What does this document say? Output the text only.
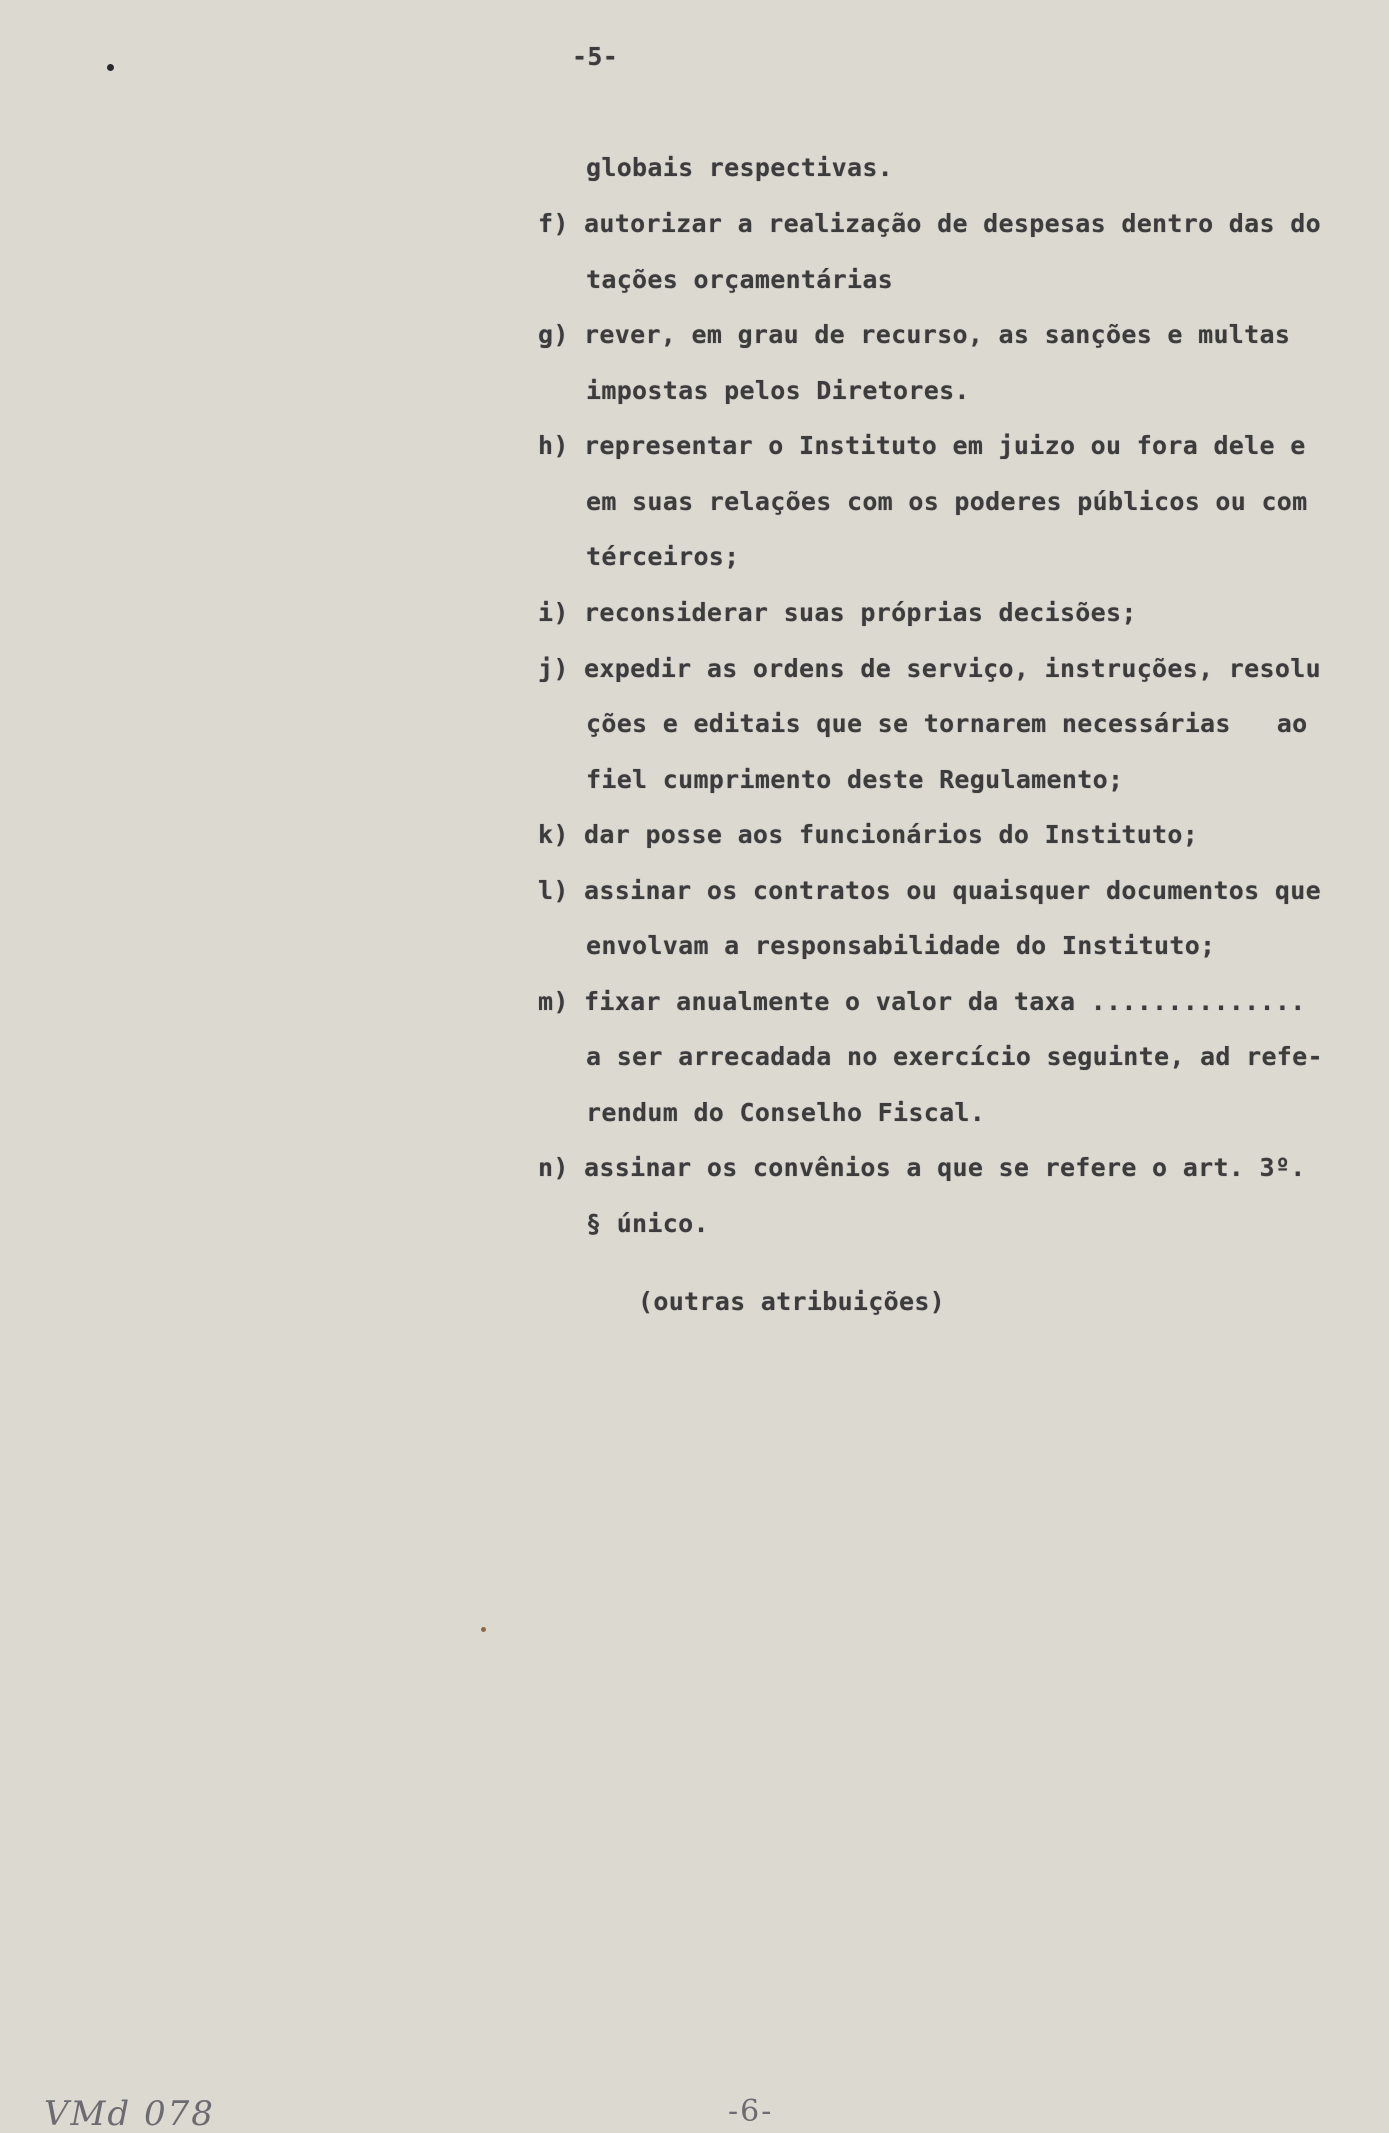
-5-
globais respectivas.
f) autorizar a realização de despesas dentro das do
tações orçamentárias
g) rever, em grau de recurso, as sanções e multas
impostas pelos Diretores.
h) representar o Instituto em juizo ou fora dele e
em suas relações com os poderes públicos ou com
térceiros;
i) reconsiderar suas próprias decisões;
j) expedir as ordens de serviço, instruções, resolu
ções e editais que se tornarem necessárias   ao
fiel cumprimento deste Regulamento;
k) dar posse aos funcionários do Instituto;
l) assinar os contratos ou quaisquer documentos que
envolvam a responsabilidade do Instituto;
m) fixar anualmente o valor da taxa ..............
a ser arrecadada no exercício seguinte, ad refe-
rendum do Conselho Fiscal.
n) assinar os convênios a que se refere o art. 3º.
§ único.
(outras atribuições)
VMd 078	-6-
